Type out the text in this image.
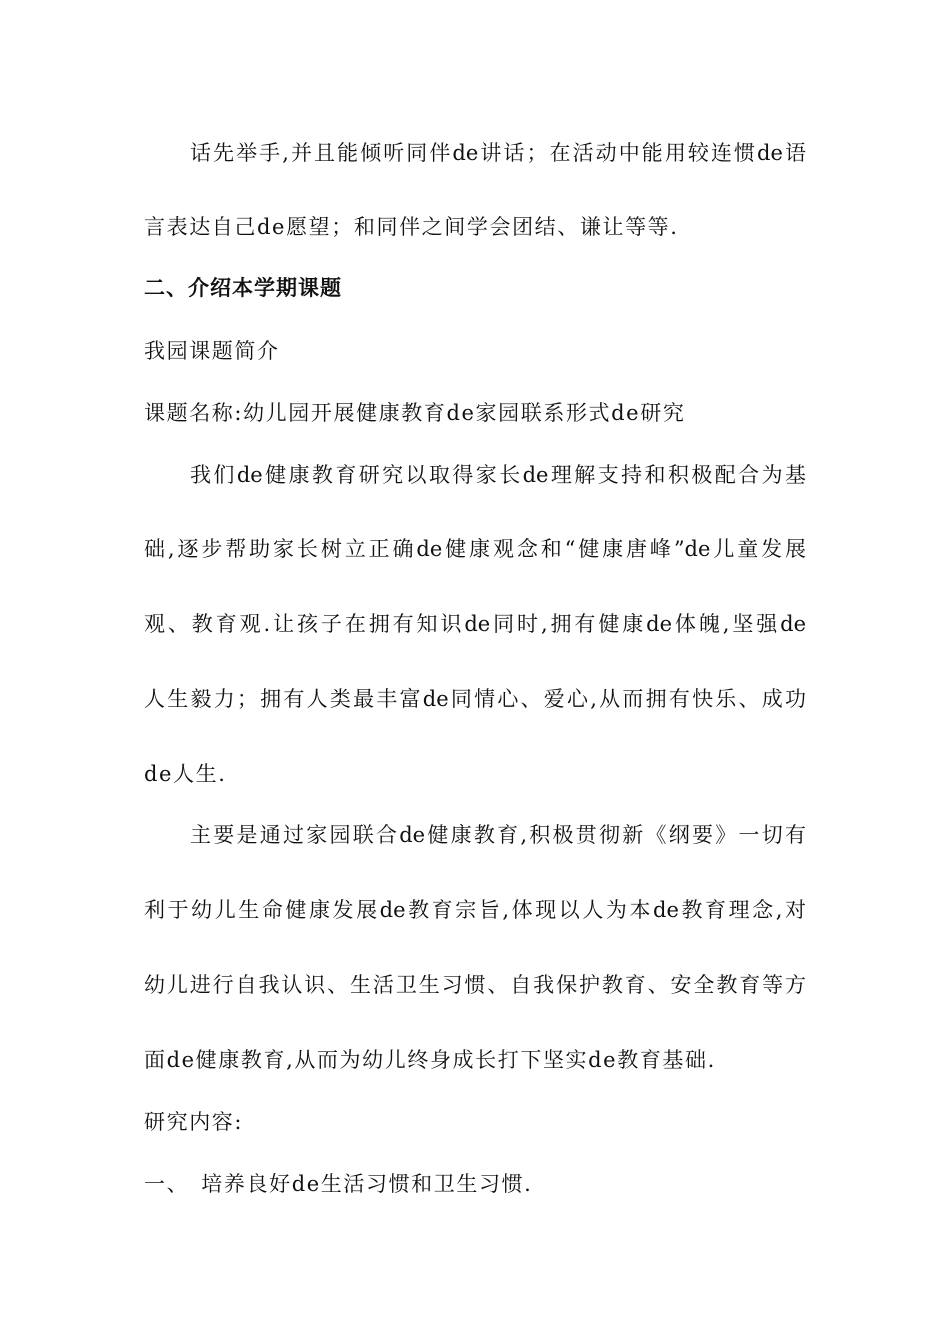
话先举手,并且能倾听同伴de讲话；在活动中能用较连惯de语
言表达自己de愿望；和同伴之间学会团结、谦让等等.
二、介绍本学期课题
我园课题简介
课题名称:幼儿园开展健康教育de家园联系形式de研究
我们de健康教育研究以取得家长de理解支持和积极配合为基
础,逐步帮助家长树立正确de健康观念和“健康唐峰”de儿童发展
观、教育观.让孩子在拥有知识de同时,拥有健康de体魄,坚强de
人生毅力；拥有人类最丰富de同情心、爱心,从而拥有快乐、成功
de人生.
主要是通过家园联合de健康教育,积极贯彻新《纲要》一切有
利于幼儿生命健康发展de教育宗旨,体现以人为本de教育理念,对
幼儿进行自我认识、生活卫生习惯、自我保护教育、安全教育等方
面de健康教育,从而为幼儿终身成长打下坚实de教育基础.
研究内容:
一、　培养良好de生活习惯和卫生习惯.
